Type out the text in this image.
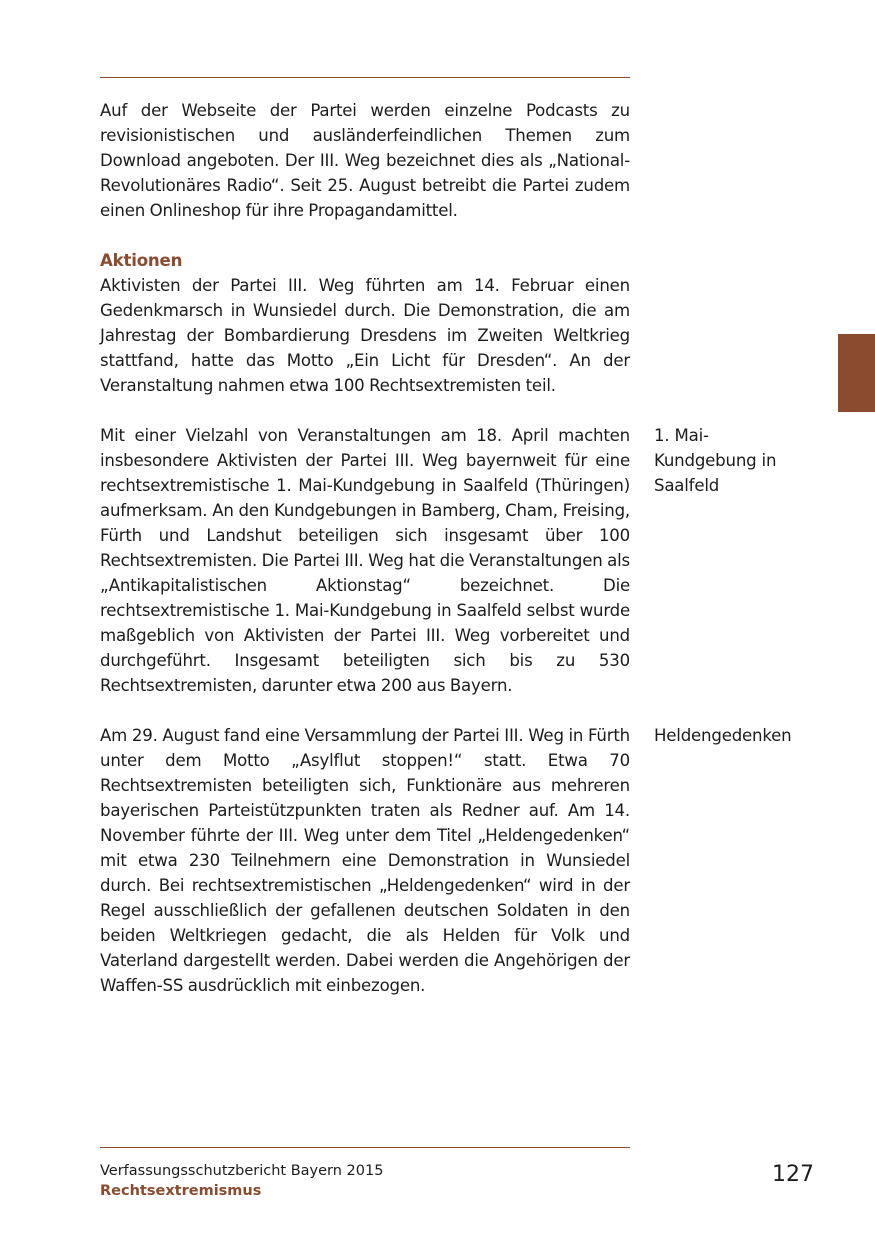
Auf der Webseite der Partei werden einzelne Podcasts zu revisionistischen und ausländerfeindlichen Themen zum Download angeboten. Der III. Weg bezeichnet dies als „National-Revolutionäres Radio“. Seit 25. August betreibt die Partei zudem einen Onlineshop für ihre Propagandamittel.

Aktionen

Aktivisten der Partei III. Weg führten am 14. Februar einen Gedenkmarsch in Wunsiedel durch. Die Demonstration, die am Jahrestag der Bombardierung Dresdens im Zweiten Weltkrieg stattfand, hatte das Motto „Ein Licht für Dresden“. An der Veranstaltung nahmen etwa 100 Rechtsextremisten teil.

Mit einer Vielzahl von Veranstaltungen am 18. April machten insbesondere Aktivisten der Partei III. Weg bayernweit für eine rechtsextremistische 1. Mai-Kundgebung in Saalfeld (Thüringen) aufmerksam. An den Kundgebungen in Bamberg, Cham, Freising, Fürth und Landshut beteiligen sich insgesamt über 100 Rechtsextremisten. Die Partei III. Weg hat die Veranstaltungen als „Antikapitalistischen Aktionstag“ bezeichnet. Die rechtsextremistische 1. Mai-Kundgebung in Saalfeld selbst wurde maßgeblich von Aktivisten der Partei III. Weg vorbereitet und durchgeführt. Insgesamt beteiligten sich bis zu 530 Rechtsextremisten, darunter etwa 200 aus Bayern.

Am 29. August fand eine Versammlung der Partei III. Weg in Fürth unter dem Motto „Asylflut stoppen!“ statt. Etwa 70 Rechtsextremisten beteiligten sich, Funktionäre aus mehreren bayerischen Parteistützpunkten traten als Redner auf. Am 14. November führte der III. Weg unter dem Titel „Heldengedenken“ mit etwa 230 Teilnehmern eine Demonstration in Wunsiedel durch. Bei rechtsextremistischen „Heldengedenken“ wird in der Regel ausschließlich der gefallenen deutschen Soldaten in den beiden Weltkriegen gedacht, die als Helden für Volk und Vaterland dargestellt werden. Dabei werden die Angehörigen der Waffen-SS ausdrücklich mit einbezogen.

1. Mai-Kundgebung in Saalfeld
Heldengedenken
Verfassungsschutzbericht Bayern 2015
Rechtsextremismus
127
